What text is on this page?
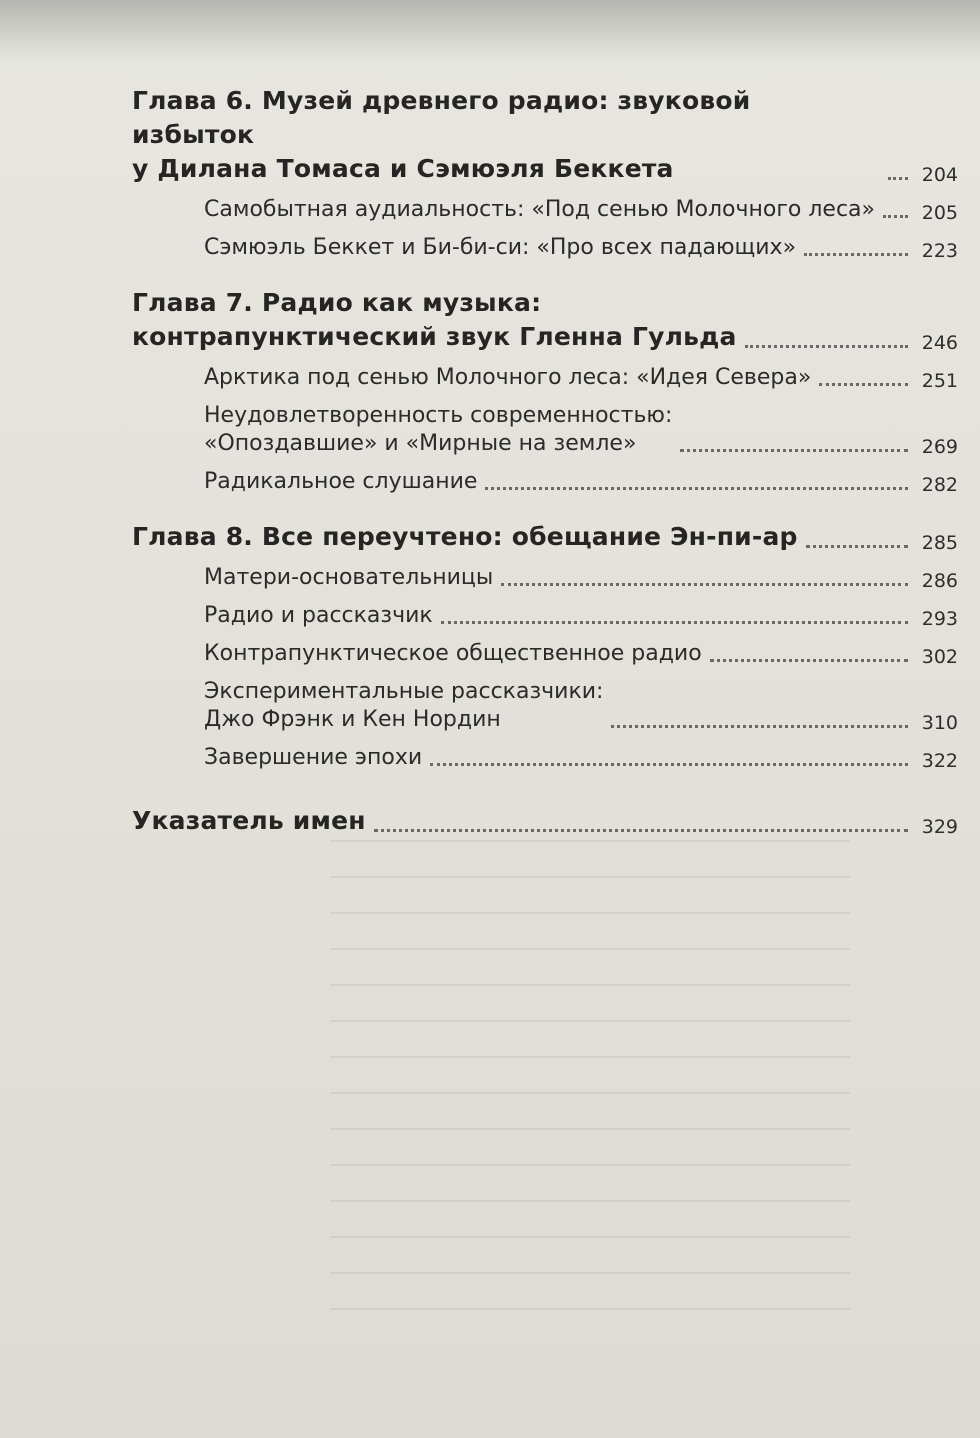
Глава 6. Музей древнего радио: звуковой избыток
у Дилана Томаса и Сэмюэля Беккета	204
Самобытная аудиальность: «Под сенью Молочного леса» 205
Сэмюэль Беккет и Би-би-си: «Про всех падающих»	223
Глава 7. Радио как музыка:
контрапунктический звук Гленна Гульда	246
Арктика под сенью Молочного леса: «Идея Севера»	251
Неудовлетворенность современностью:
«Опоздавшие» и «Мирные на земле»	269
Радикальное слушание	282
Глава 8. Все переучтено: обещание Эн-пи-ар	285
Матери-основательницы	286
Радио и рассказчик	293
Контрапунктическое общественное радио	302
Экспериментальные рассказчики:
Джо Фрэнк и Кен Нордин	310
Завершение эпохи	322
Указатель имен	329
